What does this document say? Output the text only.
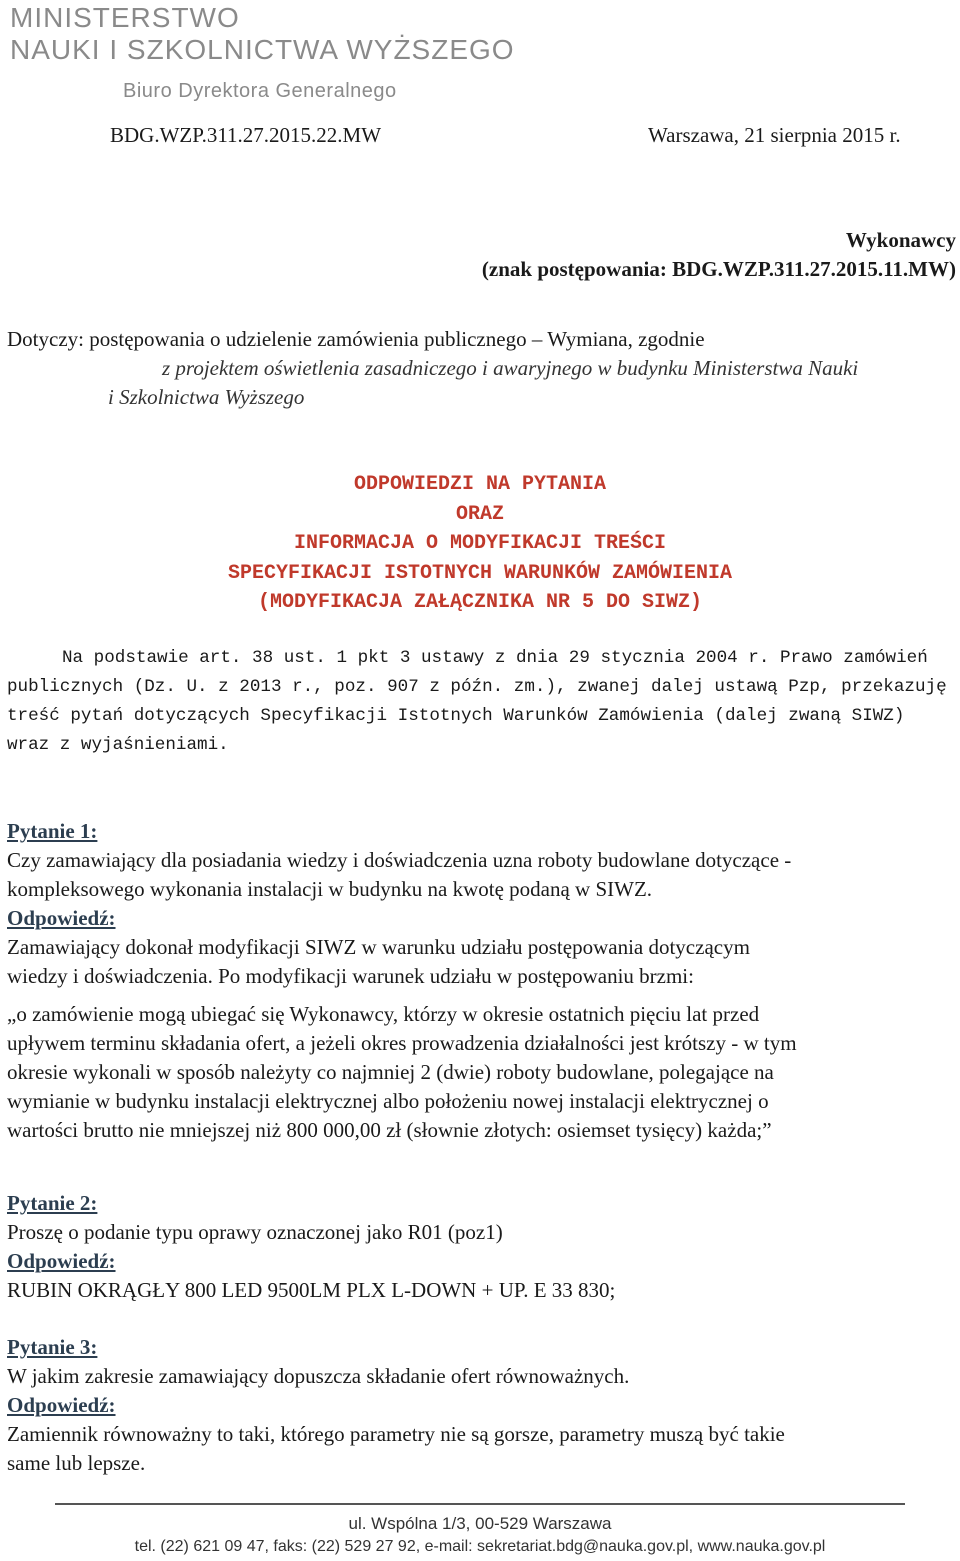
MINISTERSTWO
NAUKI I SZKOLNICTWA WYŻSZEGO
Biuro Dyrektora Generalnego
BDG.WZP.311.27.2015.22.MW	Warszawa, 21 sierpnia 2015 r.
Wykonawcy
(znak postępowania: BDG.WZP.311.27.2015.11.MW)
Dotyczy: postępowania o udzielenie zamówienia publicznego – Wymiana, zgodnie
z projektem oświetlenia zasadniczego i awaryjnego w budynku Ministerstwa Nauki
i Szkolnictwa Wyższego
ODPOWIEDZI NA PYTANIA
ORAZ
INFORMACJA O MODYFIKACJI TREŚCI
SPECYFIKACJI ISTOTNYCH WARUNKÓW ZAMÓWIENIA
(MODYFIKACJA ZAŁĄCZNIKA NR 5 DO SIWZ)
Na podstawie art. 38 ust. 1 pkt 3 ustawy z dnia 29 stycznia 2004 r. Prawo zamówień
publicznych (Dz. U. z 2013 r., poz. 907 z późn. zm.), zwanej dalej ustawą Pzp, przekazuję
treść pytań dotyczących Specyfikacji Istotnych Warunków Zamówienia (dalej zwaną SIWZ)
wraz z wyjaśnieniami.
Pytanie 1:
Czy zamawiający dla posiadania wiedzy i doświadczenia uzna roboty budowlane dotyczące -
kompleksowego wykonania instalacji w budynku na kwotę podaną w SIWZ.
Odpowiedź:
Zamawiający dokonał modyfikacji SIWZ w warunku udziału postępowania dotyczącym
wiedzy i doświadczenia. Po modyfikacji warunek udziału w postępowaniu brzmi:
„o zamówienie mogą ubiegać się Wykonawcy, którzy w okresie ostatnich pięciu lat przed
upływem terminu składania ofert, a jeżeli okres prowadzenia działalności jest krótszy - w tym
okresie wykonali w sposób należyty co najmniej 2 (dwie) roboty budowlane, polegające na
wymianie w budynku instalacji elektrycznej albo położeniu nowej instalacji elektrycznej o
wartości brutto nie mniejszej niż 800 000,00 zł (słownie złotych: osiemset tysięcy) każda;”
Pytanie 2:
Proszę o podanie typu oprawy oznaczonej jako R01 (poz1)
Odpowiedź:
RUBIN OKRĄGŁY 800 LED 9500LM PLX L-DOWN + UP. E 33 830;
Pytanie 3:
W jakim zakresie zamawiający dopuszcza składanie ofert równoważnych.
Odpowiedź:
Zamiennik równoważny to taki, którego parametry nie są gorsze, parametry muszą być takie
same lub lepsze.
ul. Wspólna 1/3, 00-529 Warszawa
tel. (22) 621 09 47, faks: (22) 529 27 92, e-mail: sekretariat.bdg@nauka.gov.pl, www.nauka.gov.pl
